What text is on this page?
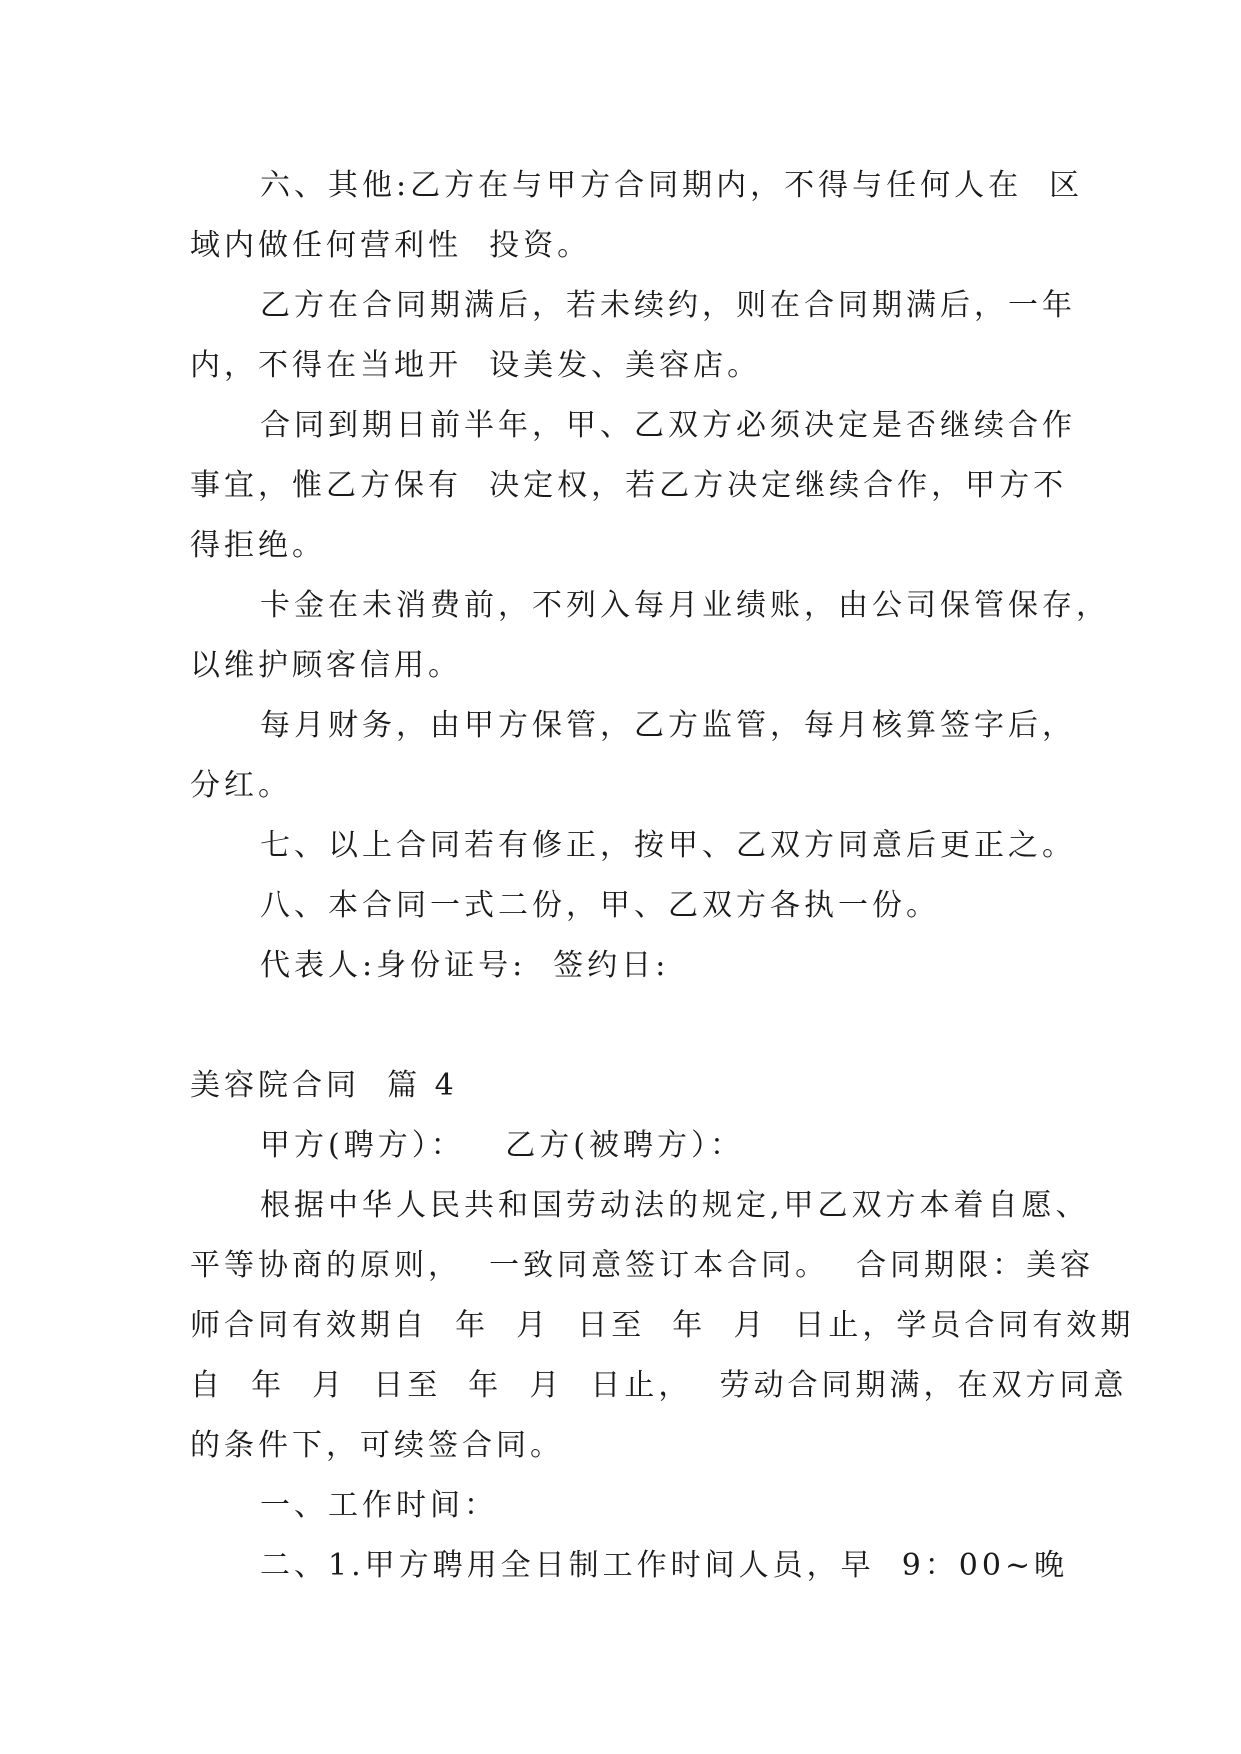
六、其他:乙方在与甲方合同期内，不得与任何人在  区
域内做任何营利性  投资。
乙方在合同期满后，若未续约，则在合同期满后，一年
内，不得在当地开  设美发、美容店。
合同到期日前半年，甲、乙双方必须决定是否继续合作
事宜，惟乙方保有  决定权，若乙方决定继续合作，甲方不
得拒绝。
卡金在未消费前，不列入每月业绩账，由公司保管保存，
以维护顾客信用。
每月财务，由甲方保管，乙方监管，每月核算签字后，
分红。
七、以上合同若有修正，按甲、乙双方同意后更正之。
八、本合同一式二份，甲、乙双方各执一份。
代表人:身份证号:  签约日:
美容院合同  篇 4
甲方(聘方）：   乙方(被聘方）：
根据中华人民共和国劳动法的规定,甲乙双方本着自愿、
平等协商的原则，  一致同意签订本合同。  合同期限：美容
师合同有效期自  年  月  日至  年  月  日止，学员合同有效期
自  年  月  日至  年  月  日止，  劳动合同期满，在双方同意
的条件下，可续签合同。
一、工作时间：
二、1.甲方聘用全日制工作时间人员，早  9：00~晚
